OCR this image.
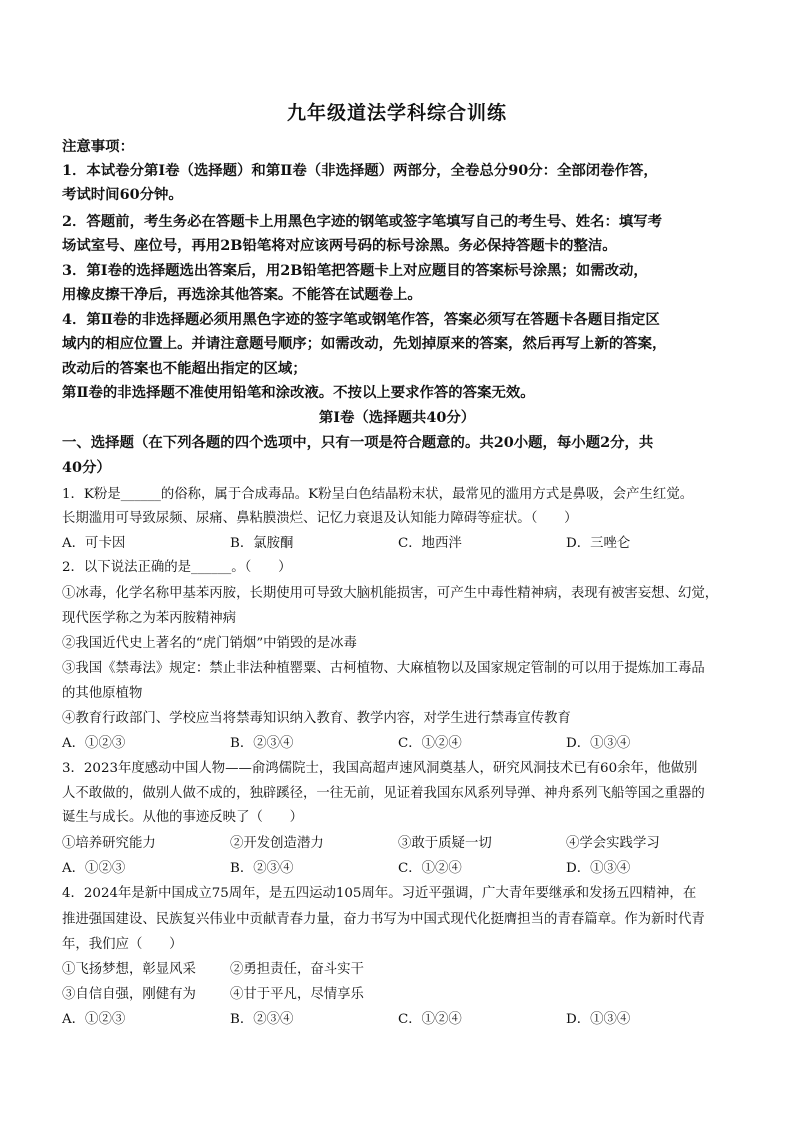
九年级道法学科综合训练
注意事项：
1．本试卷分第Ⅰ卷（选择题）和第Ⅱ卷（非选择题）两部分，全卷总分90分：全部闭卷作答，
考试时间60分钟。
2．答题前，考生务必在答题卡上用黑色字迹的钢笔或签字笔填写自己的考生号、姓名：填写考
场试室号、座位号，再用2B铅笔将对应该两号码的标号涂黑。务必保持答题卡的整洁。
3．第Ⅰ卷的选择题选出答案后，用2B铅笔把答题卡上对应题目的答案标号涂黑；如需改动，
用橡皮擦干净后，再选涂其他答案。不能答在试题卷上。
4．第Ⅱ卷的非选择题必须用黑色字迹的签字笔或钢笔作答，答案必须写在答题卡各题目指定区
域内的相应位置上。并请注意题号顺序；如需改动，先划掉原来的答案，然后再写上新的答案，
改动后的答案也不能超出指定的区域；
第Ⅱ卷的非选择题不准使用铅笔和涂改液。不按以上要求作答的答案无效。
第Ⅰ卷（选择题共40分）
一、选择题（在下列各题的四个选项中，只有一项是符合题意的。共20小题，每小题2分，共
40分）
1．K粉是______的俗称，属于合成毒品。K粉呈白色结晶粉末状，最常见的滥用方式是鼻吸，会产生红觉。
长期滥用可导致尿频、尿痛、鼻粘膜溃烂、记忆力衰退及认知能力障碍等症状。（　　）
A．可卡因	B．氯胺酮	C．地西泮	D．三唑仑
2．以下说法正确的是______。（　　）
①冰毒，化学名称甲基苯丙胺，长期使用可导致大脑机能损害，可产生中毒性精神病，表现有被害妄想、幻觉，
现代医学称之为苯丙胺精神病
②我国近代史上著名的“虎门销烟”中销毁的是冰毒
③我国《禁毒法》规定：禁止非法种植罂粟、古柯植物、大麻植物以及国家规定管制的可以用于提炼加工毒品
的其他原植物
④教育行政部门、学校应当将禁毒知识纳入教育、教学内容，对学生进行禁毒宣传教育
A．①②③	B．②③④	C．①②④	D．①③④
3．2023年度感动中国人物——俞鸿儒院士，我国高超声速风洞奠基人，研究风洞技术已有60余年，他做别
人不敢做的，做别人做不成的，独辟蹊径，一往无前，见证着我国东风系列导弹、神舟系列飞船等国之重器的
诞生与成长。从他的事迹反映了（　　）
①培养研究能力	②开发创造潜力	③敢于质疑一切	④学会实践学习
A．①②③	B．②③④	C．①②④	D．①③④
4．2024年是新中国成立75周年，是五四运动105周年。习近平强调，广大青年要继承和发扬五四精神，在
推进强国建设、民族复兴伟业中贡献青春力量，奋力书写为中国式现代化挺膺担当的青春篇章。作为新时代青
年，我们应（　　）
①飞扬梦想，彰显风采	②勇担责任，奋斗实干
③自信自强，刚健有为	④甘于平凡，尽情享乐
A．①②③	B．②③④	C．①②④	D．①③④
